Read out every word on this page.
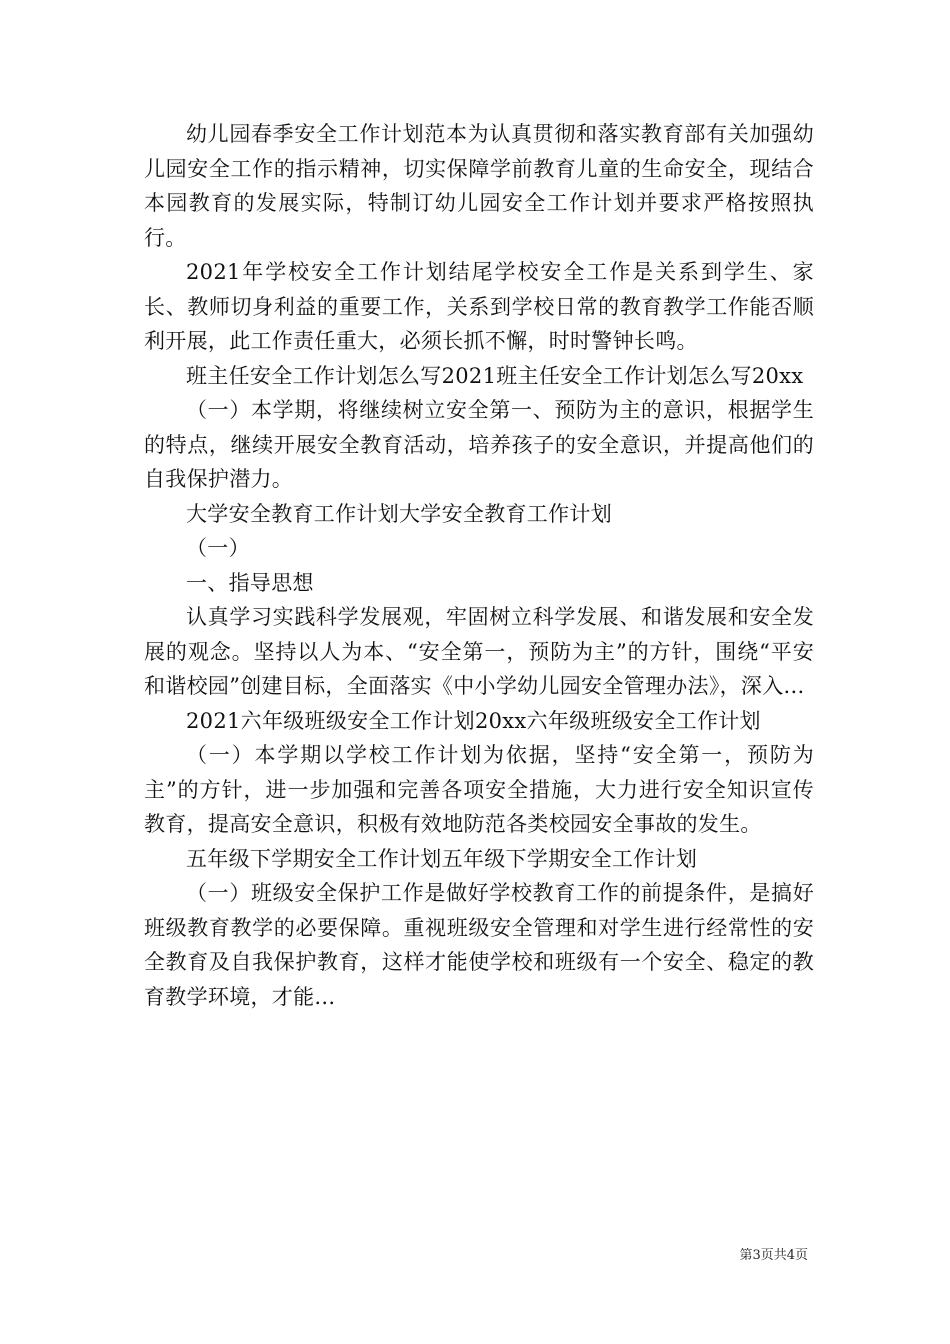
幼儿园春季安全工作计划范本为认真贯彻和落实教育部有关加强幼儿园安全工作的指示精神，切实保障学前教育儿童的生命安全，现结合本园教育的发展实际，特制订幼儿园安全工作计划并要求严格按照执行。

2021年学校安全工作计划结尾学校安全工作是关系到学生、家长、教师切身利益的重要工作，关系到学校日常的教育教学工作能否顺利开展，此工作责任重大，必须长抓不懈，时时警钟长鸣。

班主任安全工作计划怎么写2021班主任安全工作计划怎么写20xx

（一）本学期，将继续树立安全第一、预防为主的意识，根据学生的特点，继续开展安全教育活动，培养孩子的安全意识，并提高他们的自我保护潜力。

大学安全教育工作计划大学安全教育工作计划

（一）

一、指导思想

认真学习实践科学发展观，牢固树立科学发展、和谐发展和安全发展的观念。坚持以人为本、“安全第一，预防为主”的方针，围绕“平安和谐校园”创建目标，全面落实《中小学幼儿园安全管理办法》，深入...

2021六年级班级安全工作计划20xx六年级班级安全工作计划

（一）本学期以学校工作计划为依据，坚持“安全第一，预防为主”的方针，进一步加强和完善各项安全措施，大力进行安全知识宣传教育，提高安全意识，积极有效地防范各类校园安全事故的发生。

五年级下学期安全工作计划五年级下学期安全工作计划

（一）班级安全保护工作是做好学校教育工作的前提条件，是搞好班级教育教学的必要保障。重视班级安全管理和对学生进行经常性的安全教育及自我保护教育，这样才能使学校和班级有一个安全、稳定的教育教学环境，才能...

第3页共4页
